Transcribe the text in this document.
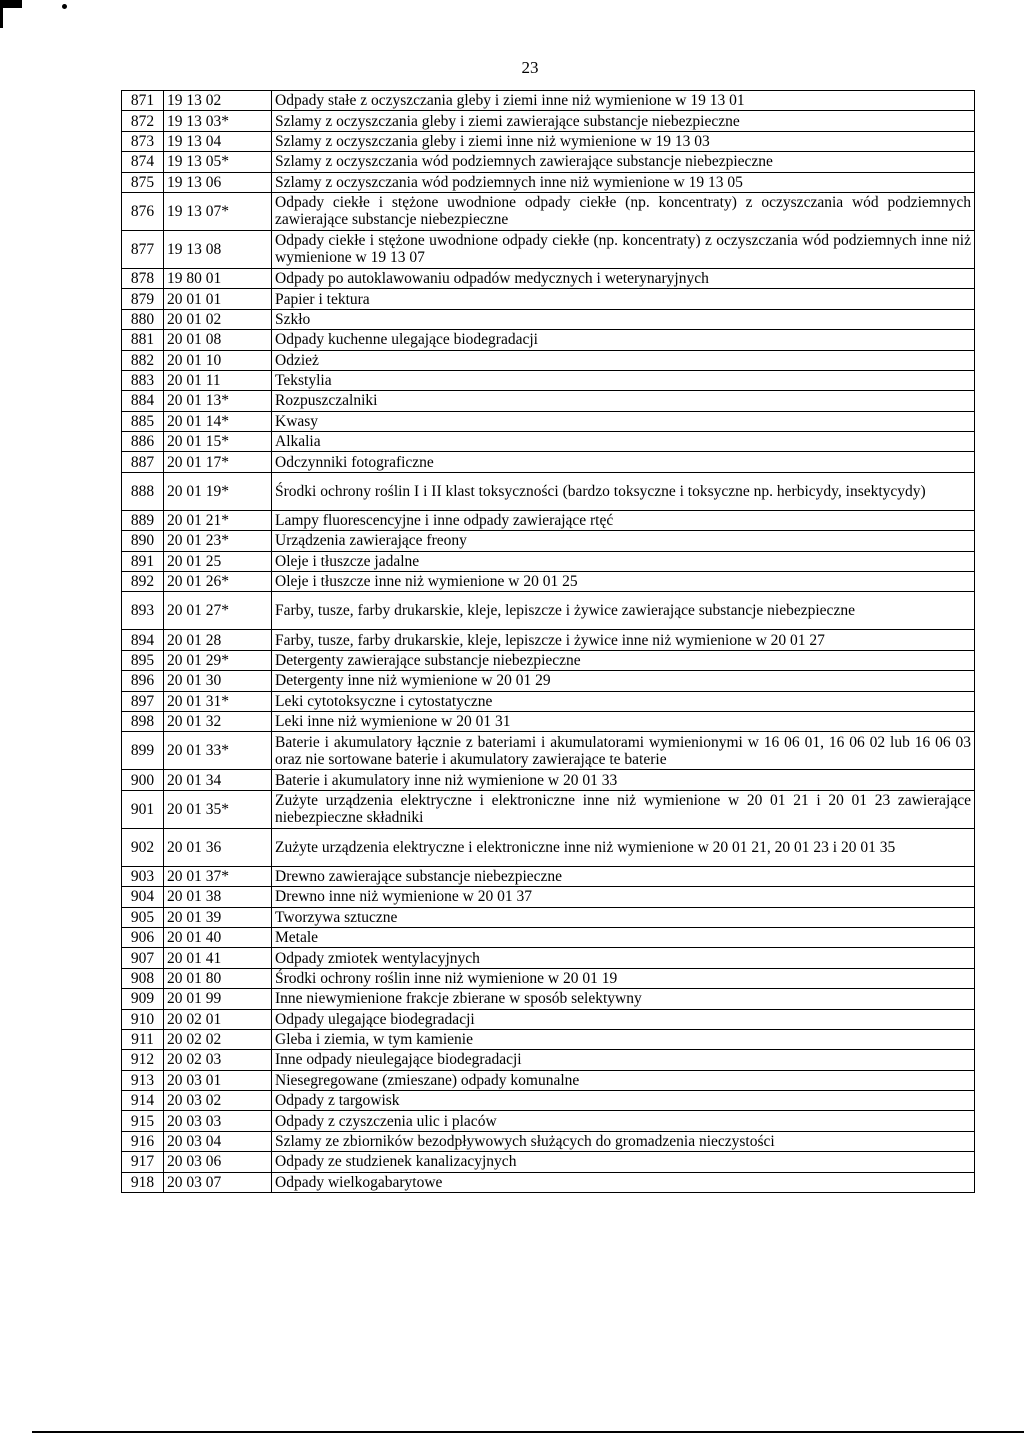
23
871	19 13 02	Odpady stałe z oczyszczania gleby i ziemi inne niż wymienione w 19 13 01
872	19 13 03*	Szlamy z oczyszczania gleby i ziemi zawierające substancje niebezpieczne
873	19 13 04	Szlamy z oczyszczania gleby i ziemi inne niż wymienione w 19 13 03
874	19 13 05*	Szlamy z oczyszczania wód podziemnych zawierające substancje niebezpieczne
875	19 13 06	Szlamy z oczyszczania wód podziemnych inne niż wymienione w 19 13 05
876	19 13 07*	Odpady ciekłe i stężone uwodnione odpady ciekłe (np. koncentraty) z oczyszczania wód podziemnych zawierające substancje niebezpieczne
877	19 13 08	Odpady ciekłe i stężone uwodnione odpady ciekłe (np. koncentraty) z oczyszczania wód podziemnych inne niż wymienione w 19 13 07
878	19 80 01	Odpady po autoklawowaniu odpadów medycznych i weterynaryjnych
879	20 01 01	Papier i tektura
880	20 01 02	Szkło
881	20 01 08	Odpady kuchenne ulegające biodegradacji
882	20 01 10	Odzież
883	20 01 11	Tekstylia
884	20 01 13*	Rozpuszczalniki
885	20 01 14*	Kwasy
886	20 01 15*	Alkalia
887	20 01 17*	Odczynniki fotograficzne
888	20 01 19*	Środki ochrony roślin I i II klast toksyczności (bardzo toksyczne i toksyczne np. herbicydy, insektycydy)
889	20 01 21*	Lampy fluorescencyjne i inne odpady zawierające rtęć
890	20 01 23*	Urządzenia zawierające freony
891	20 01 25	Oleje i tłuszcze jadalne
892	20 01 26*	Oleje i tłuszcze inne niż wymienione w 20 01 25
893	20 01 27*	Farby, tusze, farby drukarskie, kleje, lepiszcze i żywice zawierające substancje niebezpieczne
894	20 01 28	Farby, tusze, farby drukarskie, kleje, lepiszcze i żywice inne niż wymienione w 20 01 27
895	20 01 29*	Detergenty zawierające substancje niebezpieczne
896	20 01 30	Detergenty inne niż wymienione w 20 01 29
897	20 01 31*	Leki cytotoksyczne i cytostatyczne
898	20 01 32	Leki inne niż wymienione w 20 01 31
899	20 01 33*	Baterie i akumulatory łącznie z bateriami i akumulatorami wymienionymi w 16 06 01, 16 06 02 lub 16 06 03 oraz nie sortowane baterie i akumulatory zawierające te baterie
900	20 01 34	Baterie i akumulatory inne niż wymienione w 20 01 33
901	20 01 35*	Zużyte urządzenia elektryczne i elektroniczne inne niż wymienione w 20 01 21 i 20 01 23 zawierające niebezpieczne składniki
902	20 01 36	Zużyte urządzenia elektryczne i elektroniczne inne niż wymienione w 20 01 21, 20 01 23 i 20 01 35
903	20 01 37*	Drewno zawierające substancje niebezpieczne
904	20 01 38	Drewno inne niż wymienione w 20 01 37
905	20 01 39	Tworzywa sztuczne
906	20 01 40	Metale
907	20 01 41	Odpady zmiotek wentylacyjnych
908	20 01 80	Środki ochrony roślin inne niż wymienione w 20 01 19
909	20 01 99	Inne niewymienione frakcje zbierane w sposób selektywny
910	20 02 01	Odpady ulegające biodegradacji
911	20 02 02	Gleba i ziemia, w tym kamienie
912	20 02 03	Inne odpady nieulegające biodegradacji
913	20 03 01	Niesegregowane (zmieszane) odpady komunalne
914	20 03 02	Odpady z targowisk
915	20 03 03	Odpady z czyszczenia ulic i placów
916	20 03 04	Szlamy ze zbiorników bezodpływowych służących do gromadzenia nieczystości
917	20 03 06	Odpady ze studzienek kanalizacyjnych
918	20 03 07	Odpady wielkogabarytowe
